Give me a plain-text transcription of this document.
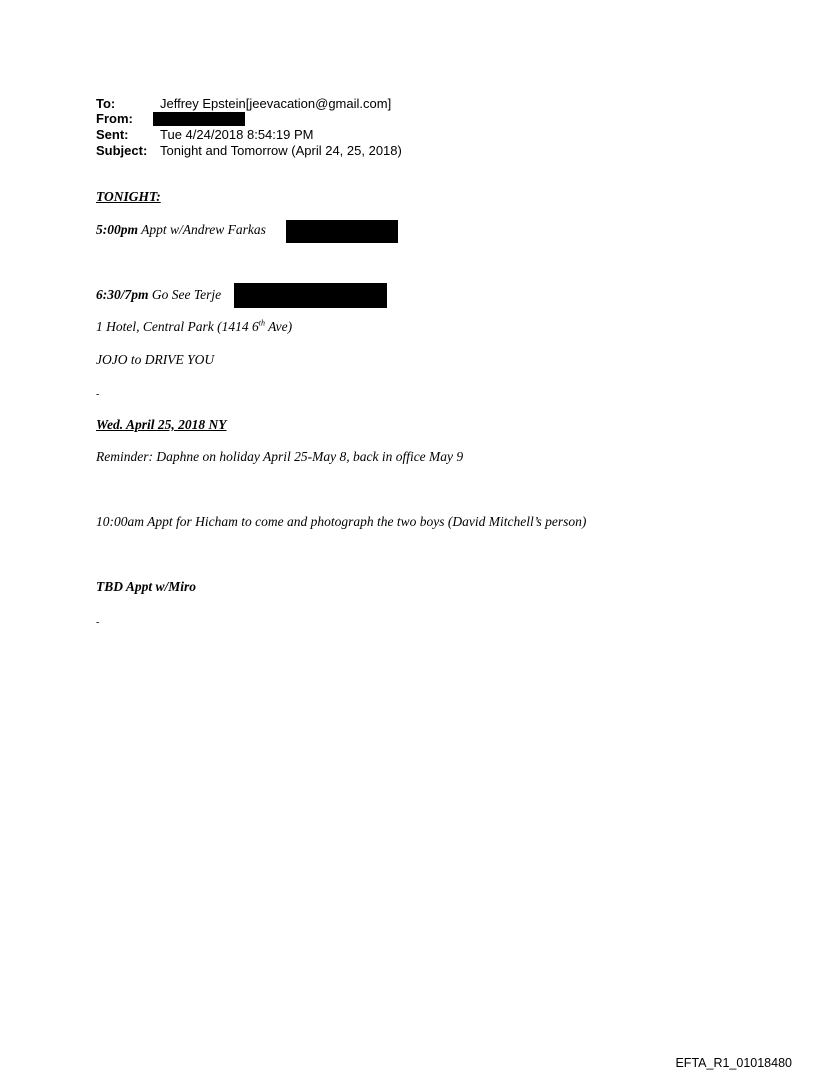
To:	Jeffrey Epstein[jeevacation@gmail.com]
From:
Sent: Tue 4/24/2018 8:54:19 PM
Subject: Tonight and Tomorrow (April 24, 25, 2018)
TONIGHT:
5:00pm Appt w/Andrew Farkas
6:30/7pm Go See Terje
1 Hotel, Central Park (1414 6th Ave)
JOJO to DRIVE YOU
-
Wed. April 25, 2018 NY
Reminder: Daphne on holiday April 25-May 8, back in office May 9
10:00am Appt for Hicham to come and photograph the two boys (David Mitchell’s person)
TBD Appt w/Miro
-
EFTA_R1_01018480
